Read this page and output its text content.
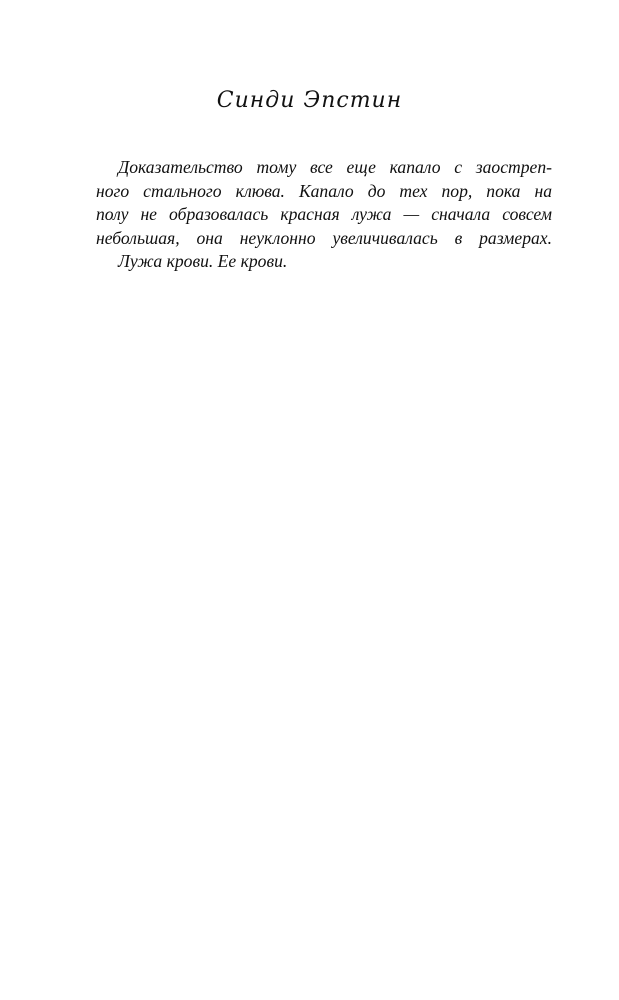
Синди Эпстин
Доказательство тому все еще капало с заостреn-
ного стального клюва. Капало до тех пор, пока на
полу не образовалась красная лужа — сначала совсем
небольшая, она неуклонно увеличивалась в размерах.
Лужа крови. Ее крови.
